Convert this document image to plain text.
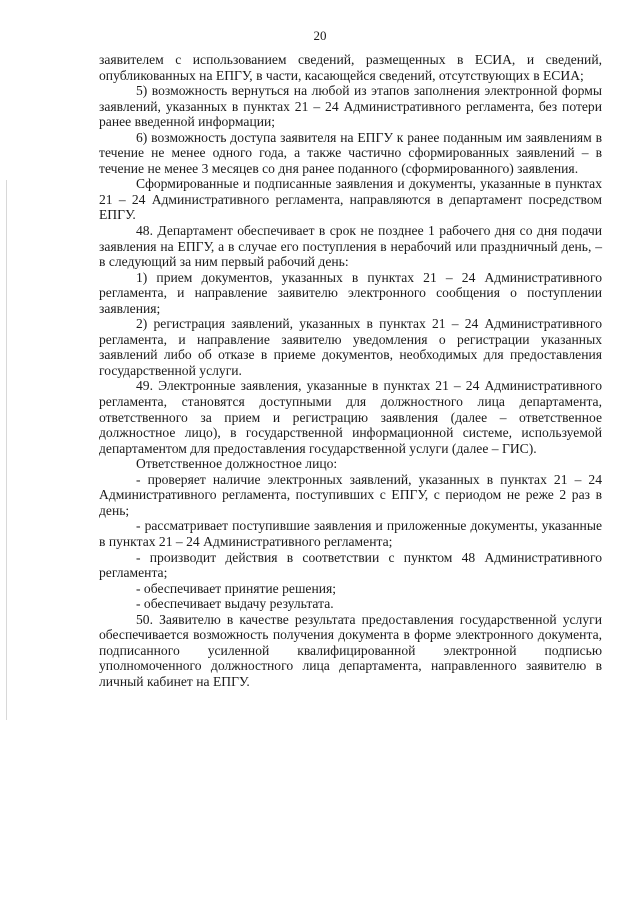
20

заявителем с использованием сведений, размещенных в ЕСИА, и сведений, опубликованных на ЕПГУ, в части, касающейся сведений, отсутствующих в ЕСИА;

5) возможность вернуться на любой из этапов заполнения электронной формы заявлений, указанных в пунктах 21 – 24 Административного регламента, без потери ранее введенной информации;

6) возможность доступа заявителя на ЕПГУ к ранее поданным им заявлениям в течение не менее одного года, а также частично сформированных заявлений – в течение не менее 3 месяцев со дня ранее поданного (сформированного) заявления.

Сформированные и подписанные заявления и документы, указанные в пунктах 21 – 24 Административного регламента, направляются в департамент посредством ЕПГУ.

48. Департамент обеспечивает в срок не позднее 1 рабочего дня со дня подачи заявления на ЕПГУ, а в случае его поступления в нерабочий или праздничный день, – в следующий за ним первый рабочий день:

1) прием документов, указанных в пунктах 21 – 24 Административного регламента, и направление заявителю электронного сообщения о поступлении заявления;

2) регистрация заявлений, указанных в пунктах 21 – 24 Административного регламента, и направление заявителю уведомления о регистрации указанных заявлений либо об отказе в приеме документов, необходимых для предоставления государственной услуги.

49. Электронные заявления, указанные в пунктах 21 – 24 Административного регламента, становятся доступными для должностного лица департамента, ответственного за прием и регистрацию заявления (далее – ответственное должностное лицо), в государственной информационной системе, используемой департаментом для предоставления государственной услуги (далее – ГИС).

Ответственное должностное лицо:

- проверяет наличие электронных заявлений, указанных в пунктах 21 – 24 Административного регламента, поступивших с ЕПГУ, с периодом не реже 2 раз в день;

- рассматривает поступившие заявления и приложенные документы, указанные в пунктах 21 – 24 Административного регламента;

- производит действия в соответствии с пунктом 48 Административного регламента;

- обеспечивает принятие решения;

- обеспечивает выдачу результата.

50. Заявителю в качестве результата предоставления государственной услуги обеспечивается возможность получения документа в форме электронного документа, подписанного усиленной квалифицированной электронной подписью уполномоченного должностного лица департамента, направленного заявителю в личный кабинет на ЕПГУ.
